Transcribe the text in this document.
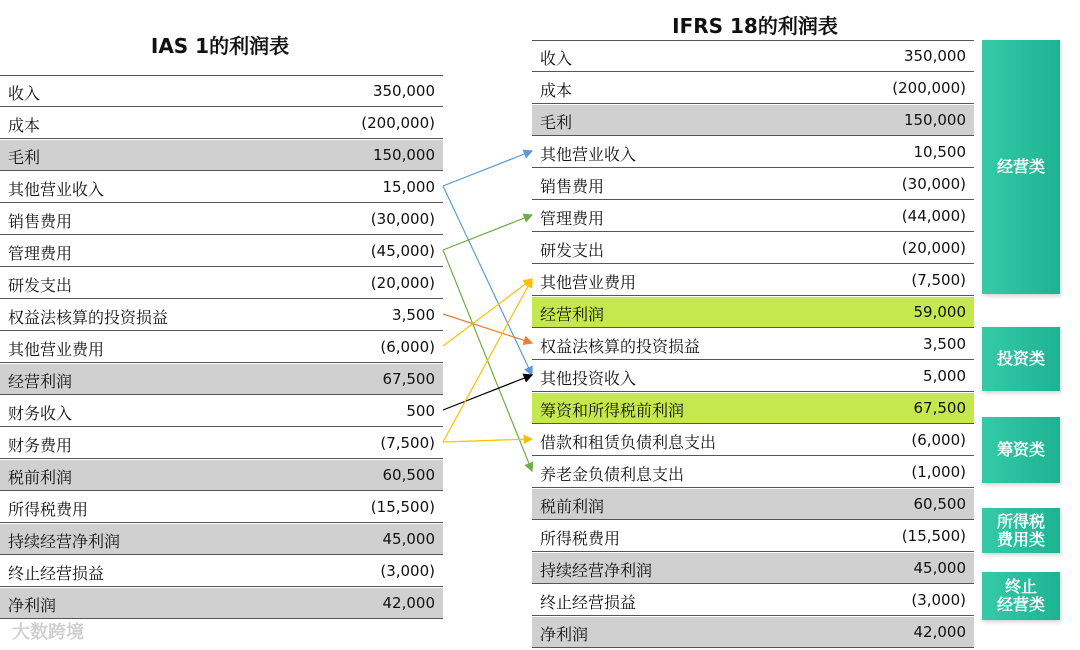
IAS 1的利润表
IFRS 18的利润表
收入	350,000
成本	(200,000)
毛利	150,000
其他营业收入	15,000
销售费用	(30,000)
管理费用	(45,000)
研发支出	(20,000)
权益法核算的投资损益	3,500
其他营业费用	(6,000)
经营利润	67,500
财务收入	500
财务费用	(7,500)
税前利润	60,500
所得税费用	(15,500)
持续经营净利润	45,000
终止经营损益	(3,000)
净利润	42,000
收入	350,000
成本	(200,000)
毛利	150,000
其他营业收入	10,500
销售费用	(30,000)
管理费用	(44,000)
研发支出	(20,000)
其他营业费用	(7,500)
经营利润	59,000
权益法核算的投资损益	3,500
其他投资收入	5,000
筹资和所得税前利润	67,500
借款和租赁负债利息支出	(6,000)
养老金负债利息支出	(1,000)
税前利润	60,500
所得税费用	(15,500)
持续经营净利润	45,000
终止经营损益	(3,000)
净利润	42,000
经营类
投资类
筹资类
所得税
费用类
终止
经营类
大数跨境
